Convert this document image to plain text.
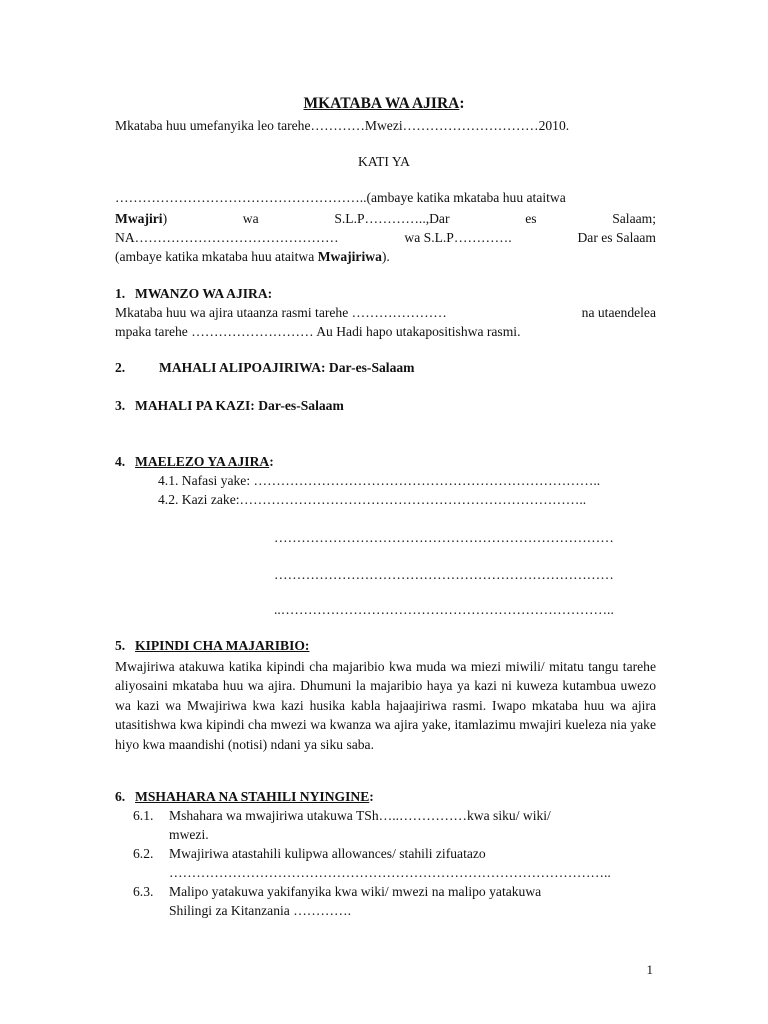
MKATABA WA AJIRA:
Mkataba huu umefanyika leo tarehe…………Mwezi…………………………2010.
KATI YA
………………………………………………..(ambaye katika mkataba huu ataitwa
Mwajiri)	wa	S.L.P…………..,Dar	es	Salaam;
NA………………………………………	wa S.L.P………….	Dar es Salaam
(ambaye katika mkataba huu ataitwa Mwajiriwa).
1. MWANZO WA AJIRA:
Mkataba huu wa ajira utaanza rasmi tarehe …………………	na utaendelea
mpaka tarehe ……………………… Au Hadi hapo utakapositishwa rasmi.
2. MAHALI ALIPOAJIRIWA: Dar-es-Salaam
3. MAHALI PA KAZI: Dar-es-Salaam
4. MAELEZO YA AJIRA:
4.1. Nafasi yake: …………………………………………………………………..
4.2. Kazi zake:…………………………………………………………………..
…………………………………………………………………
…………………………………………………………………
..………………………………………………………………..
5. KIPINDI CHA MAJARIBIO:
Mwajiriwa atakuwa katika kipindi cha majaribio kwa muda wa miezi miwili/ mitatu tangu tarehe aliyosaini mkataba huu wa ajira. Dhumuni la majaribio haya ya kazi ni kuweza kutambua uwezo wa kazi wa Mwajiriwa kwa kazi husika kabla hajaajiriwa rasmi. Iwapo mkataba huu wa ajira utasitishwa kwa kipindi cha mwezi wa kwanza wa ajira yake, itamlazimu mwajiri kueleza nia yake hiyo kwa maandishi (notisi) ndani ya siku saba.
6. MSHAHARA NA STAHILI NYINGINE:
6.1. Mshahara wa mwajiriwa utakuwa TSh…..……………kwa siku/ wiki/
mwezi.
6.2. Mwajiriwa atastahili kulipwa allowances/ stahili zifuatazo
……………………………………………………………………………………..
6.3. Malipo yatakuwa yakifanyika kwa wiki/ mwezi na malipo yatakuwa
Shilingi za Kitanzania ………….
1
